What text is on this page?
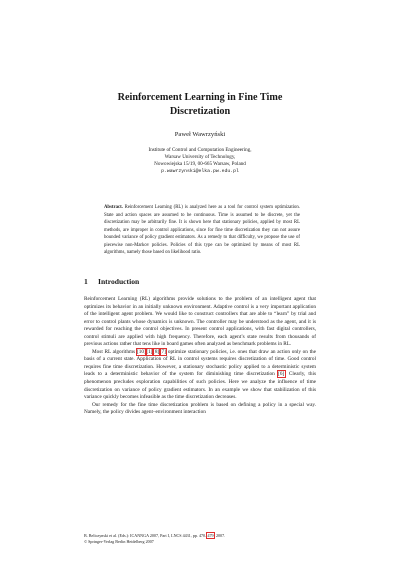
Reinforcement Learning in Fine Time
Discretization
Paweł Wawrzyński
Institute of Control and Computation Engineering,
Warsaw University of Technology,
Nowowiejska 15/19, 00-665 Warsaw, Poland
p.wawrzynski@elka.pw.edu.pl
Abstract. Reinforcement Learning (RL) is analyzed here as a tool for control system optimization. State and action spaces are assumed to be continuous. Time is assumed to be discrete, yet the discretization may be arbitrarily fine. It is shown here that stationary policies, applied by most RL methods, are improper in control applications, since for fine time discretization they can not assure bounded variance of policy gradient estimators. As a remedy to that difficulty, we propose the use of piecewise non-Markov policies. Policies of this type can be optimized by means of most RL algorithms, namely those based on likelihood ratio.
1 Introduction

Reinforcement Learning (RL) algorithms provide solutions to the problem of an intelligent agent that optimizes its behavior in an initially unknown environment. Adaptive control is a very important application of the intelligent agent problem. We would like to construct controllers that are able to “learn” by trial and error to control plants whose dynamics is unknown. The controller may be understood as the agent, and it is rewarded for reaching the control objectives. In present control applications, with fast digital controllers, control stimuli are applied with high frequency. Therefore, each agent’s state results from thousands of previous actions rather that tens like in board games often analyzed as benchmark problems in RL.

Most RL algorithms [10][1][8][7] optimize stationary policies, i.e. ones that draw an action only on the basis of a current state. Application of RL in control systems requires discretization of time. Good control requires fine time discretization. However, a stationary stochastic policy applied to a deterministic system leads to a deterministic behavior of the system for diminishing time discretization [6]. Clearly, this phenomenon precludes exploration capabilities of such policies. Here we analyze the influence of time discretization on variance of policy gradient estimators. In an example we show that stabilization of this variance quickly becomes infeasible as the time discretization decreases.

Our remedy for the fine time discretization problem is based on defining a policy in a special way. Namely, the policy divides agent–environment interaction

B. Beliczynski et al. (Eds.): ICANNGA 2007, Part I, LNCS 4431, pp. 470–479, 2007.
© Springer-Verlag Berlin Heidelberg 2007
